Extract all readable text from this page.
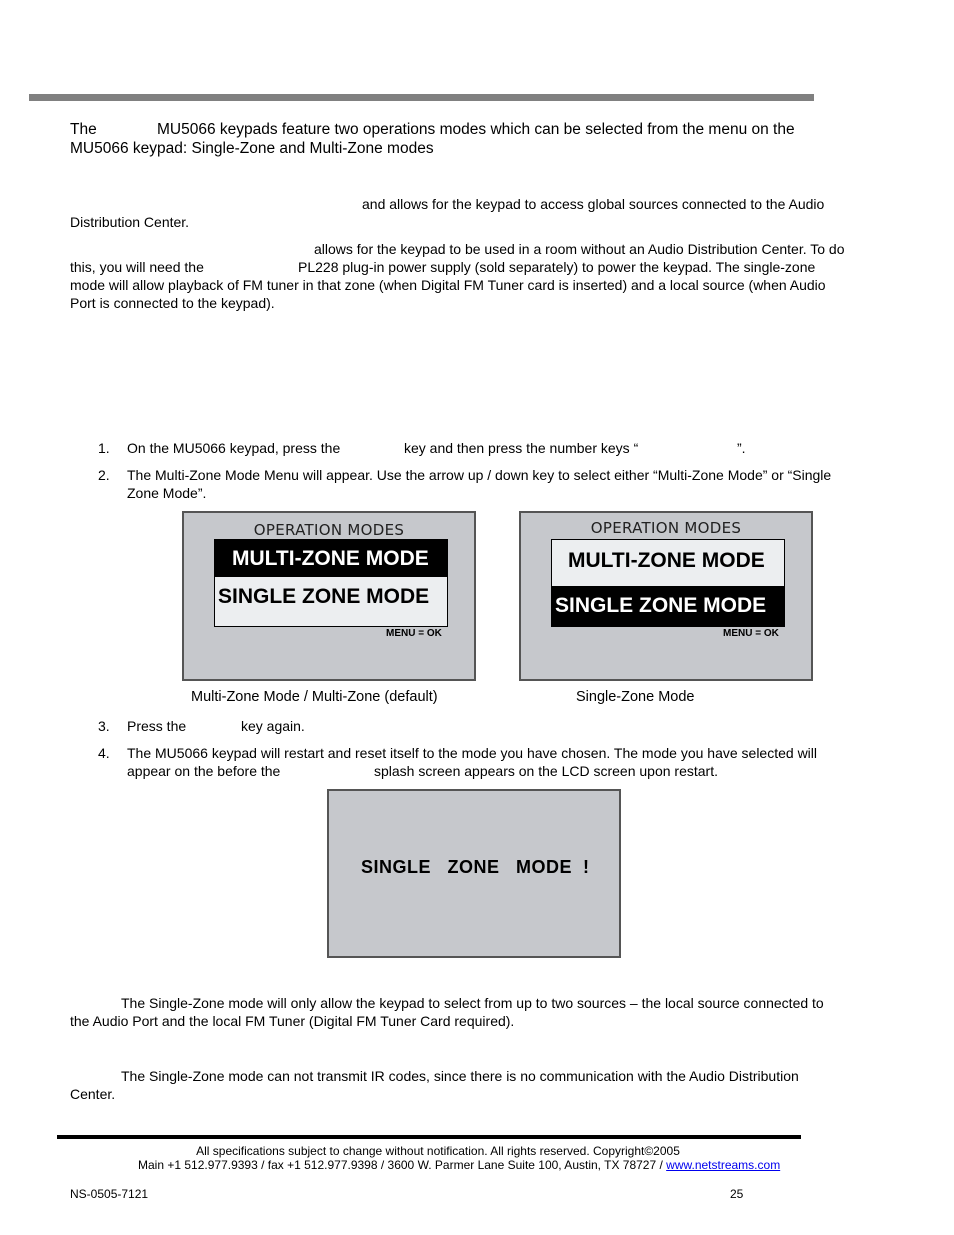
The              MU5066 keypads feature two operations modes which can be selected from the menu on the
MU5066 keypad: Single-Zone and Multi-Zone modes
and allows for the keypad to access global sources connected to the Audio
Distribution Center.
allows for the keypad to be used in a room without an Audio Distribution Center. To do
this, you will need the	PL228 plug-in power supply (sold separately) to power the keypad. The single-zone
mode will allow playback of FM tuner in that zone (when Digital FM Tuner card is inserted) and a local source (when Audio
Port is connected to the keypad).
1. On the MU5066 keypad, press the	key and then press the number keys “	”.
2. The Multi-Zone Mode Menu will appear. Use the arrow up / down key to select either “Multi-Zone Mode” or “Single
Zone Mode”.
OPERATION MODES
MULTI-ZONE MODE
SINGLE ZONE MODE
MENU = OK
OPERATION MODES
MULTI-ZONE MODE
SINGLE ZONE MODE
MENU = OK
Multi-Zone Mode / Multi-Zone (default)	Single-Zone Mode
3. Press the	key again.
4. The MU5066 keypad will restart and reset itself to the mode you have chosen. The mode you have selected will
appear on the before the	splash screen appears on the LCD screen upon restart.
SINGLE   ZONE   MODE  !
The Single-Zone mode will only allow the keypad to select from up to two sources – the local source connected to
the Audio Port and the local FM Tuner (Digital FM Tuner Card required).
The Single-Zone mode can not transmit IR codes, since there is no communication with the Audio Distribution
Center.
All specifications subject to change without notification. All rights reserved. Copyright©2005
Main +1 512.977.9393 / fax +1 512.977.9398 / 3600 W. Parmer Lane Suite 100, Austin, TX 78727 / www.netstreams.com
NS-0505-7121	25
